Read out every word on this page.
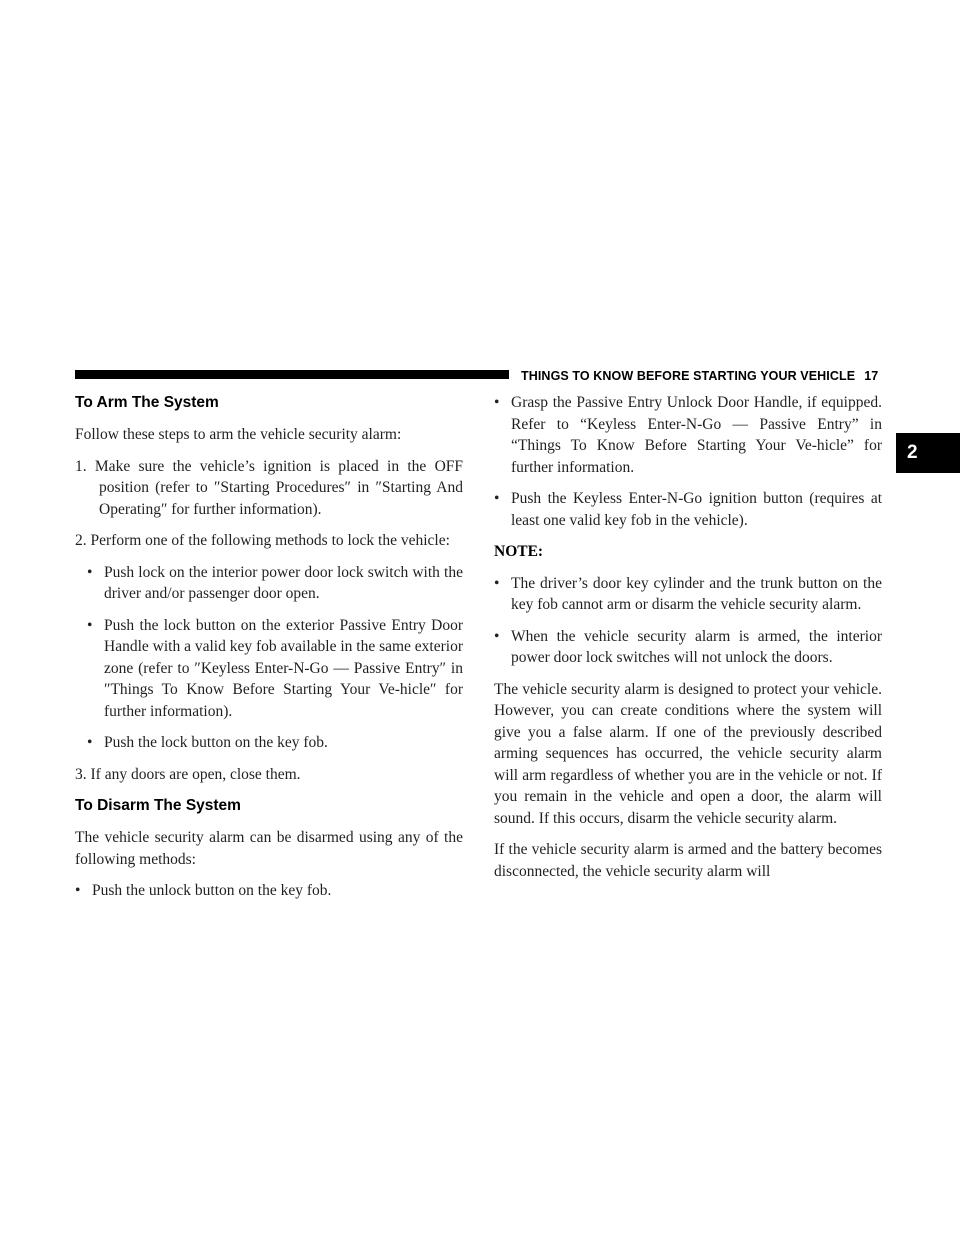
THINGS TO KNOW BEFORE STARTING YOUR VEHICLE 17
2
To Arm The System

Follow these steps to arm the vehicle security alarm:

1. Make sure the vehicle’s ignition is placed in the OFF position (refer to ″Starting Procedures″ in ″Starting And Operating″ for further information).

2. Perform one of the following methods to lock the vehicle:

• Push lock on the interior power door lock switch with the driver and/or passenger door open.
• Push the lock button on the exterior Passive Entry Door Handle with a valid key fob available in the same exterior zone (refer to ″Keyless Enter-N-Go — Passive Entry″ in ″Things To Know Before Starting Your Ve-hicle″ for further information).
• Push the lock button on the key fob.

3. If any doors are open, close them.

To Disarm The System

The vehicle security alarm can be disarmed using any of the following methods:

• Push the unlock button on the key fob.
• Grasp the Passive Entry Unlock Door Handle, if equipped. Refer to “Keyless Enter-N-Go — Passive Entry” in “Things To Know Before Starting Your Ve-hicle” for further information.
• Push the Keyless Enter-N-Go ignition button (requires at least one valid key fob in the vehicle).

NOTE:

• The driver’s door key cylinder and the trunk button on the key fob cannot arm or disarm the vehicle security alarm.
• When the vehicle security alarm is armed, the interior power door lock switches will not unlock the doors.

The vehicle security alarm is designed to protect your vehicle. However, you can create conditions where the system will give you a false alarm. If one of the previously described arming sequences has occurred, the vehicle security alarm will arm regardless of whether you are in the vehicle or not. If you remain in the vehicle and open a door, the alarm will sound. If this occurs, disarm the vehicle security alarm.

If the vehicle security alarm is armed and the battery becomes disconnected, the vehicle security alarm will
